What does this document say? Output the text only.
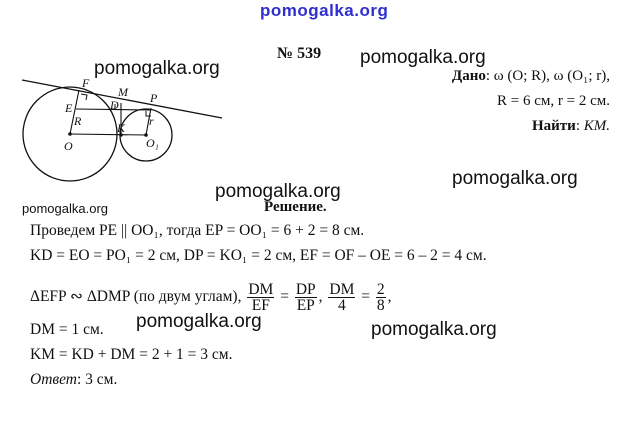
pomogalka.org
pomogalka.org
pomogalka.org
pomogalka.org
pomogalka.org
pomogalka.org
pomogalka.org	pomogalka.org
№ 539
Дано: ω (O; R), ω (O₁; r),
R = 6 см, r = 2 см.
Найти: KM.
F
M P
E	D
R	K r
O	O₁
Решение.
Проведем PE || OO₁, тогда EP = OO₁ = 6 + 2 = 8 см.
KD = EO = PO₁ = 2 см, DP = KO₁ = 2 см, EF = OF – OE = 6 – 2 = 4 см.
ΔEFP ∾ ΔDMP (по двум углам), $\frac{DM}{EF} = \frac{DP}{EP}$ , $\frac{DM}{4} = \frac{2}{8}$ ,
DM = 1 см.
KM = KD + DM = 2 + 1 = 3 см.
Ответ: 3 см.
